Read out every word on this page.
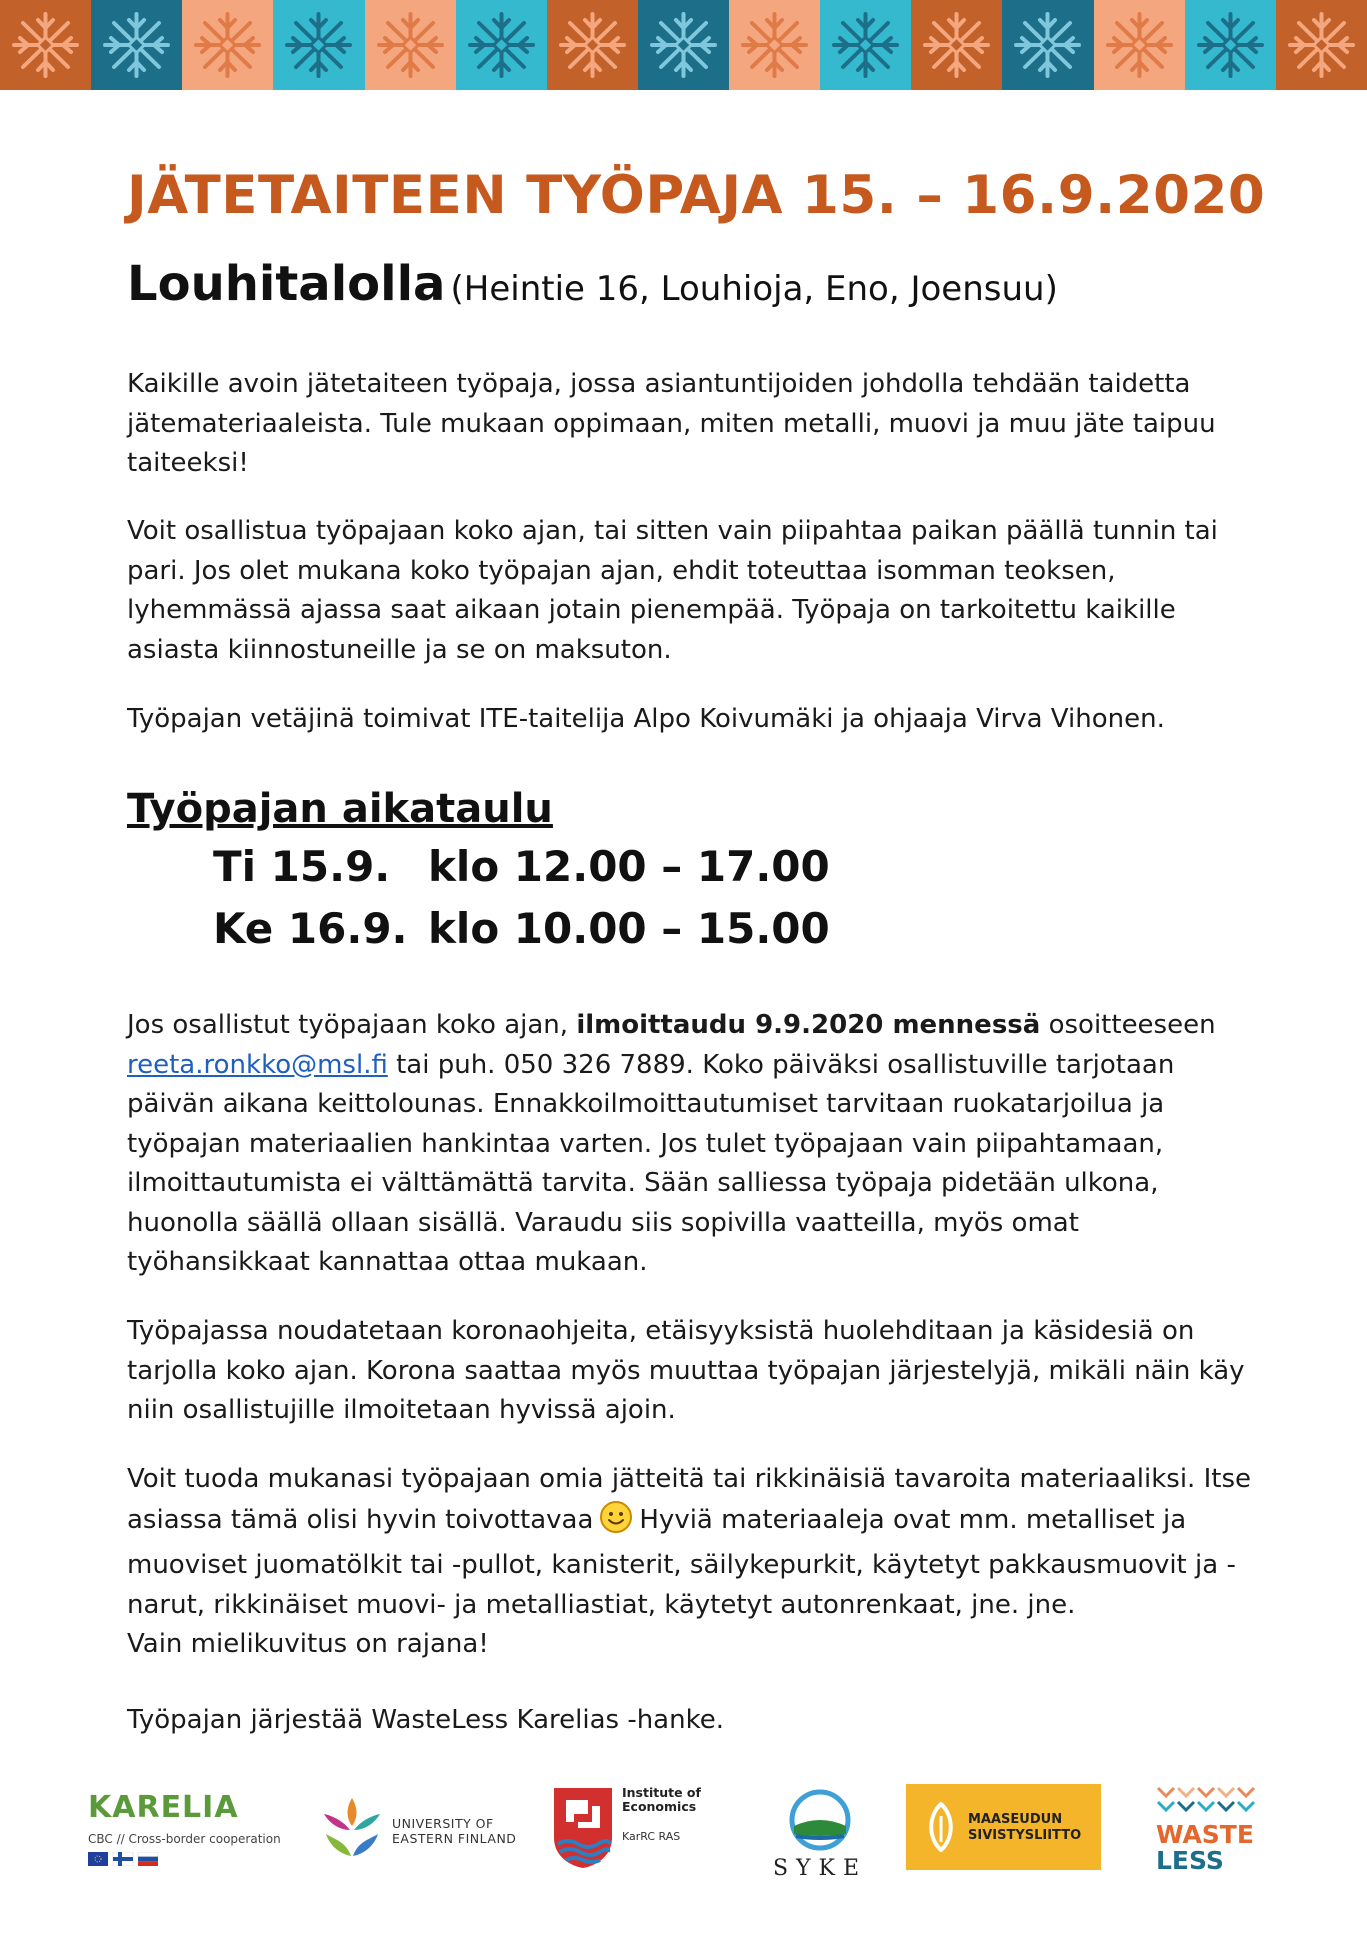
JÄTETAITEEN TYÖPAJA 15. – 16.9.2020

Louhitalolla (Heintie 16, Louhioja, Eno, Joensuu)

Kaikille avoin jätetaiteen työpaja, jossa asiantuntijoiden johdolla tehdään taidetta jätemateriaaleista. Tule mukaan oppimaan, miten metalli, muovi ja muu jäte taipuu taiteeksi!

Voit osallistua työpajaan koko ajan, tai sitten vain piipahtaa paikan päällä tunnin tai pari. Jos olet mukana koko työpajan ajan, ehdit toteuttaa isomman teoksen, lyhemmässä ajassa saat aikaan jotain pienempää. Työpaja on tarkoitettu kaikille asiasta kiinnostuneille ja se on maksuton.

Työpajan vetäjinä toimivat ITE-taitelija Alpo Koivumäki ja ohjaaja Virva Vihonen.

Työpajan aikataulu

Ti 15.9. klo 12.00 – 17.00

Ke 16.9. klo 10.00 – 15.00

Jos osallistut työpajaan koko ajan, ilmoittaudu 9.9.2020 mennessä osoitteeseen reeta.ronkko@msl.fi tai puh. 050 326 7889. Koko päiväksi osallistuville tarjotaan päivän aikana keittolounas. Ennakkoilmoittautumiset tarvitaan ruokatarjoilua ja työpajan materiaalien hankintaa varten. Jos tulet työpajaan vain piipahtamaan, ilmoittautumista ei välttämättä tarvita. Sään salliessa työpaja pidetään ulkona, huonolla säällä ollaan sisällä. Varaudu siis sopivilla vaatteilla, myös omat työhansikkaat kannattaa ottaa mukaan.

Työpajassa noudatetaan koronaohjeita, etäisyyksistä huolehditaan ja käsidesiä on tarjolla koko ajan. Korona saattaa myös muuttaa työpajan järjestelyjä, mikäli näin käy niin osallistujille ilmoitetaan hyvissä ajoin.

Voit tuoda mukanasi työpajaan omia jätteitä tai rikkinäisiä tavaroita materiaaliksi. Itse asiassa tämä olisi hyvin toivottavaa Hyviä materiaaleja ovat mm. metalliset ja muoviset juomatölkit tai -pullot, kanisterit, säilykepurkit, käytetyt pakkausmuovit ja -narut, rikkinäiset muovi- ja metalliastiat, käytetyt autonrenkaat, jne. jne.
Vain mielikuvitus on rajana!

Työpajan järjestää WasteLess Karelias -hanke.

KARELIA
CBC // Cross-border cooperation
UNIVERSITY OF
EASTERN FINLAND
Institute of
Economics
KarRC RAS
SYKE
MAASEUDUN
SIVISTYSLIITTO	WASTE
LESS
